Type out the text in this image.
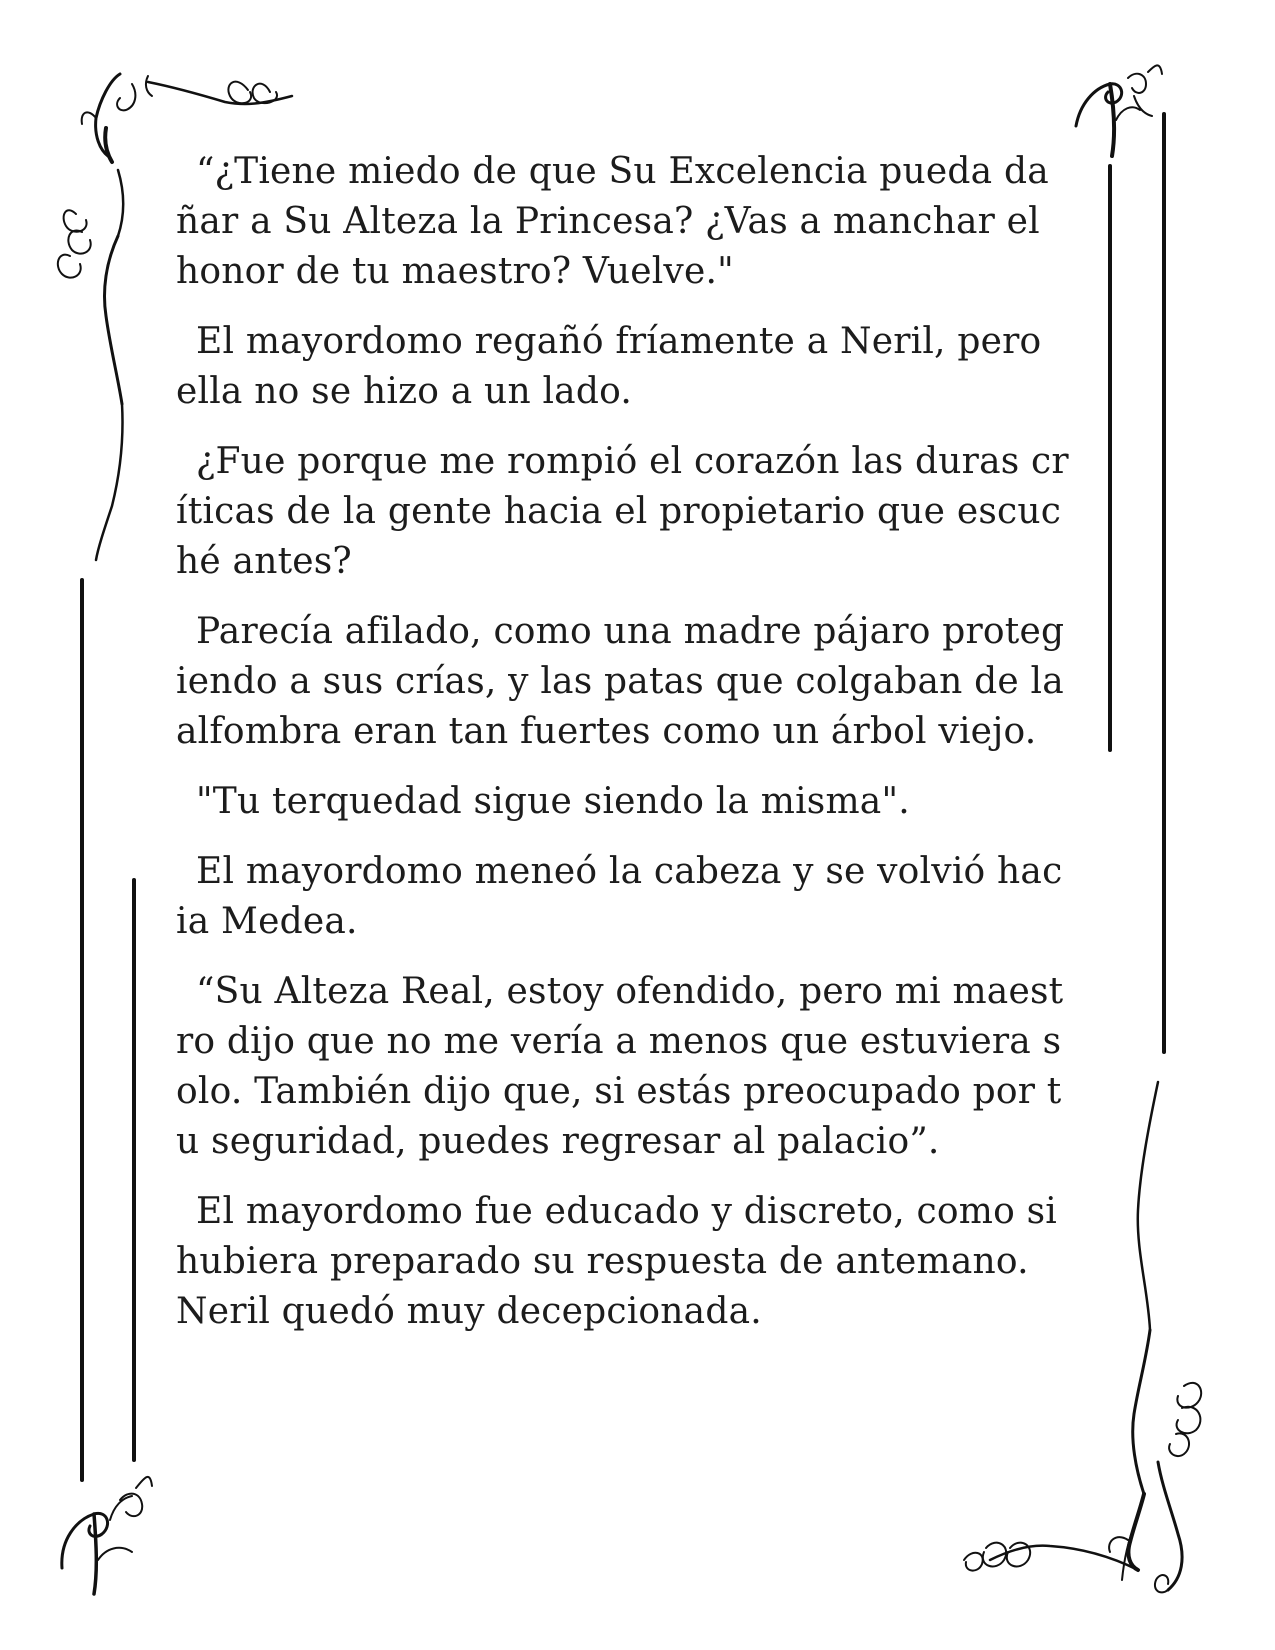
“¿Tiene miedo de que Su Excelencia pueda da
ñar a Su Alteza la Princesa? ¿Vas a manchar el
honor de tu maestro? Vuelve."

El mayordomo regañó fríamente a Neril, pero
ella no se hizo a un lado.

¿Fue porque me rompió el corazón las duras cr
íticas de la gente hacia el propietario que escuc
hé antes?

Parecía afilado, como una madre pájaro proteg
iendo a sus crías, y las patas que colgaban de la
alfombra eran tan fuertes como un árbol viejo.

"Tu terquedad sigue siendo la misma".

El mayordomo meneó la cabeza y se volvió hac
ia Medea.

“Su Alteza Real, estoy ofendido, pero mi maest
ro dijo que no me vería a menos que estuviera s
olo. También dijo que, si estás preocupado por t
u seguridad, puedes regresar al palacio”.

El mayordomo fue educado y discreto, como si
hubiera preparado su respuesta de antemano.
Neril quedó muy decepcionada.
